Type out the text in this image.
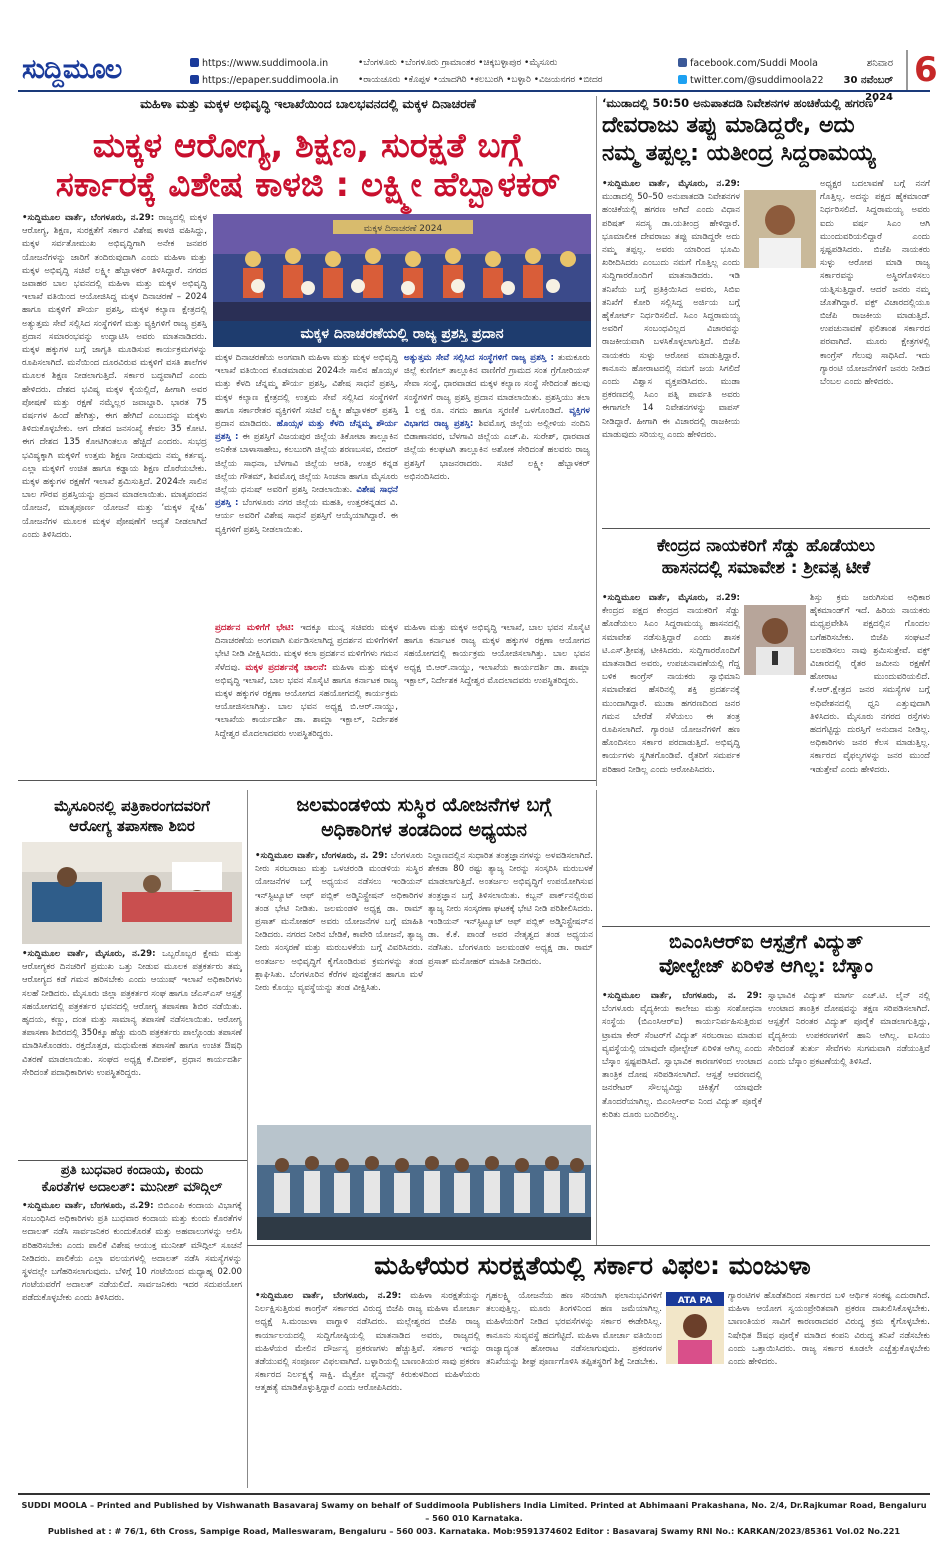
ಸುದ್ದಿಮೂಲ	https://www.suddimoola.in
https://epaper.suddimoola.in
•ಬೆಂಗಳೂರು •ಬೆಂಗಳೂರು ಗ್ರಾಮಾಂತರ •ಚಿಕ್ಕಬಳ್ಳಾಪುರ •ಮೈಸೂರು
•ರಾಯಚೂರು •ಕೊಪ್ಪಳ •ಯಾದಗಿರಿ •ಕಲಬುರಗಿ •ಬಳ್ಳಾರಿ •ವಿಜಯನಗರ •ಬೀದರ
facebook.com/Suddi Moola
twitter.com/@suddimoola22
ಶನಿವಾರ
30 ನವೆಂಬರ್ 2024
6
ಮಹಿಳಾ ಮತ್ತು ಮಕ್ಕಳ ಅಭಿವೃದ್ಧಿ ಇಲಾಖೆಯಿಂದ ಬಾಲಭವನದಲ್ಲಿ ಮಕ್ಕಳ ದಿನಾಚರಣೆ
ಮಕ್ಕಳ ಆರೋಗ್ಯ, ಶಿಕ್ಷಣ, ಸುರಕ್ಷತೆ ಬಗ್ಗೆ
ಸರ್ಕಾರಕ್ಕೆ ವಿಶೇಷ ಕಾಳಜಿ : ಲಕ್ಷ್ಮೀ ಹೆಬ್ಬಾಳಕರ್
•ಸುದ್ದಿಮೂಲ ವಾರ್ತೆ, ಬೆಂಗಳೂರು, ನ.29: ರಾಜ್ಯದಲ್ಲಿ ಮಕ್ಕಳ ಆರೋಗ್ಯ, ಶಿಕ್ಷಣ, ಸುರಕ್ಷತೆಗೆ ಸರ್ಕಾರ ವಿಶೇಷ ಕಾಳಜಿ ವಹಿಸಿದ್ದು, ಮಕ್ಕಳ ಸರ್ವತೋಮುಖ ಅಭಿವೃದ್ಧಿಗಾಗಿ ಅನೇಕ ಜನಪರ ಯೋಜನೆಗಳನ್ನು ಜಾರಿಗೆ ತಂದಿರುವುದಾಗಿ ಎಂದು ಮಹಿಳಾ ಮತ್ತು ಮಕ್ಕಳ ಅಭಿವೃದ್ಧಿ ಸಚಿವೆ ಲಕ್ಷ್ಮೀ ಹೆಬ್ಬಾಳಕರ್ ತಿಳಿಸಿದ್ದಾರೆ. ನಗರದ ಜವಾಹರ ಬಾಲ ಭವನದಲ್ಲಿ ಮಹಿಳಾ ಮತ್ತು ಮಕ್ಕಳ ಅಭಿವೃದ್ಧಿ ಇಲಾಖೆ ವತಿಯಿಂದ ಆಯೋಜಿಸಿದ್ದ ಮಕ್ಕಳ ದಿನಾಚರಣೆ – 2024 ಹಾಗೂ ಮಕ್ಕಳಿಗೆ ಶೌರ್ಯ ಪ್ರಶಸ್ತಿ, ಮಕ್ಕಳ ಕಲ್ಯಾಣ ಕ್ಷೇತ್ರದಲ್ಲಿ ಅತ್ಯುತ್ತಮ ಸೇವೆ ಸಲ್ಲಿಸಿದ ಸಂಸ್ಥೆಗಳಿಗೆ ಮತ್ತು ವ್ಯಕ್ತಿಗಳಿಗೆ ರಾಜ್ಯ ಪ್ರಶಸ್ತಿ ಪ್ರದಾನ ಸಮಾರಂಭವನ್ನು ಉದ್ಘಾಟಿಸಿ ಅವರು ಮಾತನಾಡಿದರು. ಮಕ್ಕಳ ಹಕ್ಕುಗಳ ಬಗ್ಗೆ ಜಾಗೃತಿ ಮೂಡಿಸುವ ಕಾರ್ಯಕ್ರಮಗಳನ್ನು ರೂಪಿಸಲಾಗಿದೆ. ಮನೆಯಿಂದ ದೂರವಿರುವ ಮಕ್ಕಳಿಗೆ ವಸತಿ ಶಾಲೆಗಳ ಮೂಲಕ ಶಿಕ್ಷಣ ನೀಡಲಾಗುತ್ತಿದೆ. ಸರ್ಕಾರ ಬದ್ಧವಾಗಿದೆ ಎಂದು ಹೇಳಿದರು. ದೇಶದ ಭವಿಷ್ಯ ಮಕ್ಕಳ ಕೈಯಲ್ಲಿದೆ, ಹೀಗಾಗಿ ಅವರ ಪೋಷಣೆ ಮತ್ತು ರಕ್ಷಣೆ ನಮ್ಮೆಲ್ಲರ ಜವಾಬ್ದಾರಿ. ಭಾರತ 75 ವರ್ಷಗಳ ಹಿಂದೆ ಹೇಗಿತ್ತು, ಈಗ ಹೇಗಿದೆ ಎಂಬುದನ್ನು ಮಕ್ಕಳು ತಿಳಿದುಕೊಳ್ಳಬೇಕು. ಆಗ ದೇಶದ ಜನಸಂಖ್ಯೆ ಕೇವಲ 35 ಕೋಟಿ. ಈಗ ದೇಶದ 135 ಕೋಟಿಗಿಂತಲೂ ಹೆಚ್ಚಿದೆ ಎಂದರು. ಸುಭದ್ರ ಭವಿಷ್ಯಕ್ಕಾಗಿ ಮಕ್ಕಳಿಗೆ ಉತ್ತಮ ಶಿಕ್ಷಣ ನೀಡುವುದು ನಮ್ಮ ಕರ್ತವ್ಯ. ಎಲ್ಲಾ ಮಕ್ಕಳಿಗೆ ಉಚಿತ ಹಾಗೂ ಕಡ್ಡಾಯ ಶಿಕ್ಷಣ ದೊರೆಯಬೇಕು. ಮಕ್ಕಳ ಹಕ್ಕುಗಳ ರಕ್ಷಣೆಗೆ ಇಲಾಖೆ ಶ್ರಮಿಸುತ್ತಿದೆ. 2024ನೇ ಸಾಲಿನ ಬಾಲ ಗೌರವ ಪ್ರಶಸ್ತಿಯನ್ನು ಪ್ರದಾನ ಮಾಡಲಾಯಿತು. ಮಾತೃವಂದನ ಯೋಜನೆ, ಮಾತೃಪೂರ್ಣ ಯೋಜನೆ ಮತ್ತು ‘ಮಕ್ಕಳ ಸ್ನೇಹಿ’ ಯೋಜನೆಗಳ ಮೂಲಕ ಮಕ್ಕಳ ಪೋಷಣೆಗೆ ಆದ್ಯತೆ ನೀಡಲಾಗಿದೆ ಎಂದು ತಿಳಿಸಿದರು.
ಮಕ್ಕಳ ದಿನಾಚರಣೆ 2024
ಮಕ್ಕಳ ದಿನಾಚರಣೆಯಲ್ಲಿ ರಾಜ್ಯ ಪ್ರಶಸ್ತಿ ಪ್ರದಾನ
ಮಕ್ಕಳ ದಿನಾಚರಣೆಯ ಅಂಗವಾಗಿ ಮಹಿಳಾ ಮತ್ತು ಮಕ್ಕಳ ಅಭಿವೃದ್ಧಿ ಇಲಾಖೆ ವತಿಯಿಂದ ಕೊಡಮಾಡುವ 2024ನೇ ಸಾಲಿನ ಹೊಯ್ಸಳ ಮತ್ತು ಕೆಳದಿ ಚೆನ್ನಮ್ಮ ಶೌರ್ಯ ಪ್ರಶಸ್ತಿ, ವಿಶೇಷ ಸಾಧನೆ ಪ್ರಶಸ್ತಿ, ಮಕ್ಕಳ ಕಲ್ಯಾಣ ಕ್ಷೇತ್ರದಲ್ಲಿ ಉತ್ತಮ ಸೇವೆ ಸಲ್ಲಿಸಿದ ಸಂಸ್ಥೆಗಳಿಗೆ ಹಾಗೂ ಸರ್ಕಾರೇತರ ವ್ಯಕ್ತಿಗಳಿಗೆ ಸಚಿವೆ ಲಕ್ಷ್ಮೀ ಹೆಬ್ಬಾಳಕರ್ ಪ್ರಶಸ್ತಿ ಪ್ರದಾನ ಮಾಡಿದರು. ಹೊಯ್ಸಳ ಮತ್ತು ಕೆಳದಿ ಚೆನ್ನಮ್ಮ ಶೌರ್ಯ ಪ್ರಶಸ್ತಿ : ಈ ಪ್ರಶಸ್ತಿಗೆ ವಿಜಯಪುರ ಜಿಲ್ಲೆಯ ತಿಕೋಟಾ ತಾಲ್ಲೂಕಿನ ಅನಿಕೇತ ಬಾಳಾಸಾಹೇಬ, ಕಲಬುರಗಿ ಜಿಲ್ಲೆಯ ಶರಣಬಸವ, ಬೀದರ್ ಜಿಲ್ಲೆಯ ಸಾಧನಾ, ಬೆಳಗಾವಿ ಜಿಲ್ಲೆಯ ಆರತಿ, ಉತ್ತರ ಕನ್ನಡ ಜಿಲ್ಲೆಯ ಗೌತಮ್, ಶಿವಮೊಗ್ಗ ಜಿಲ್ಲೆಯ ಸಿಂಚನಾ ಹಾಗೂ ಮೈಸೂರು ಜಿಲ್ಲೆಯ ಧನುಷ್ ಅವರಿಗೆ ಪ್ರಶಸ್ತಿ ನೀಡಲಾಯಿತು. ವಿಶೇಷ ಸಾಧನೆ ಪ್ರಶಸ್ತಿ : ಬೆಂಗಳೂರು ನಗರ ಜಿಲ್ಲೆಯ ಮಹತಿ, ಉತ್ತರಕನ್ನಡದ ವಿ. ಆರ್ಯ ಅವರಿಗೆ ವಿಶೇಷ ಸಾಧನೆ ಪ್ರಶಸ್ತಿಗೆ ಆಯ್ಕೆಯಾಗಿದ್ದಾರೆ. ಈ ವ್ಯಕ್ತಿಗಳಿಗೆ ಪ್ರಶಸ್ತಿ ನೀಡಲಾಯಿತು.
ಅತ್ಯುತ್ತಮ ಸೇವೆ ಸಲ್ಲಿಸಿದ ಸಂಸ್ಥೆಗಳಿಗೆ ರಾಜ್ಯ ಪ್ರಶಸ್ತಿ : ತುಮಕೂರು ಜಿಲ್ಲೆ ಕುಣಿಗಲ್ ತಾಲ್ಲೂಕಿನ ವಾಣಿಗೆರೆ ಗ್ರಾಮದ ಸಂತ ಗ್ರೆಗೋರಿಯಸ್ ಸೇವಾ ಸಂಸ್ಥೆ, ಧಾರವಾಡದ ಮಕ್ಕಳ ಕಲ್ಯಾಣ ಸಂಸ್ಥೆ ಸೇರಿದಂತೆ ಹಲವು ಸಂಸ್ಥೆಗಳಿಗೆ ರಾಜ್ಯ ಪ್ರಶಸ್ತಿ ಪ್ರದಾನ ಮಾಡಲಾಯಿತು. ಪ್ರಶಸ್ತಿಯು ತಲಾ 1 ಲಕ್ಷ ರೂ. ನಗದು ಹಾಗೂ ಸ್ಮರಣಿಕೆ ಒಳಗೊಂಡಿದೆ. ವ್ಯಕ್ತಿಗಳ ವಿಭಾಗದ ರಾಜ್ಯ ಪ್ರಶಸ್ತಿ: ಶಿವಮೊಗ್ಗ ಜಿಲ್ಲೆಯ ಅಲ್ಲೀಳಿಯ ನಂದಿನಿ ಬಿಡಾಣಾನವರ, ಬೆಳಗಾವಿ ಜಿಲ್ಲೆಯ ಎಚ್.ಪಿ. ಸುರೇಶ್, ಧಾರವಾಡ ಜಿಲ್ಲೆಯ ಕಲಘಟಗಿ ತಾಲ್ಲೂಕಿನ ಅಶೋಕ ಸೇರಿದಂತೆ ಹಲವರು ರಾಜ್ಯ ಪ್ರಶಸ್ತಿಗೆ ಭಾಜನರಾದರು. ಸಚಿವೆ ಲಕ್ಷ್ಮೀ ಹೆಬ್ಬಾಳಕರ್ ಅಭಿನಂದಿಸಿದರು.
ಪ್ರದರ್ಶನ ಮಳಿಗೆಗೆ ಭೇಟಿ: ಇದಕ್ಕೂ ಮುನ್ನ ಸಚಿವರು ಮಕ್ಕಳ ದಿನಾಚರಣೆಯ ಅಂಗವಾಗಿ ಏರ್ಪಡಿಸಲಾಗಿದ್ದ ಪ್ರದರ್ಶನ ಮಳಿಗೆಗಳಿಗೆ ಭೇಟಿ ನೀಡಿ ವೀಕ್ಷಿಸಿದರು. ಮಕ್ಕಳ ಕಲಾ ಪ್ರದರ್ಶನ ಮಳಿಗೆಗಳು ಗಮನ ಸೆಳೆದವು. ಮಕ್ಕಳ ಪ್ರದರ್ಶನಕ್ಕೆ ಚಾಲನೆ: ಮಹಿಳಾ ಮತ್ತು ಮಕ್ಕಳ ಅಭಿವೃದ್ಧಿ ಇಲಾಖೆ, ಬಾಲ ಭವನ ಸೊಸೈಟಿ ಹಾಗೂ ಕರ್ನಾಟಕ ರಾಜ್ಯ ಮಕ್ಕಳ ಹಕ್ಕುಗಳ ರಕ್ಷಣಾ ಆಯೋಗದ ಸಹಯೋಗದಲ್ಲಿ ಕಾರ್ಯಕ್ರಮ ಆಯೋಜಿಸಲಾಗಿತ್ತು. ಬಾಲ ಭವನ ಅಧ್ಯಕ್ಷ ಬಿ.ಆರ್.ನಾಯ್ಡು, ಇಲಾಖೆಯ ಕಾರ್ಯದರ್ಶಿ ಡಾ. ಶಾಮ್ಲಾ ಇಕ್ಬಾಲ್, ನಿರ್ದೇಶಕ ಸಿದ್ದೇಶ್ವರ ಮೊದಲಾದವರು ಉಪಸ್ಥಿತರಿದ್ದರು.
ಮಹಿಳಾ ಮತ್ತು ಮಕ್ಕಳ ಅಭಿವೃದ್ಧಿ ಇಲಾಖೆ, ಬಾಲ ಭವನ ಸೊಸೈಟಿ ಹಾಗೂ ಕರ್ನಾಟಕ ರಾಜ್ಯ ಮಕ್ಕಳ ಹಕ್ಕುಗಳ ರಕ್ಷಣಾ ಆಯೋಗದ ಸಹಯೋಗದಲ್ಲಿ ಕಾರ್ಯಕ್ರಮ ಆಯೋಜಿಸಲಾಗಿತ್ತು. ಬಾಲ ಭವನ ಅಧ್ಯಕ್ಷ ಬಿ.ಆರ್.ನಾಯ್ಡು, ಇಲಾಖೆಯ ಕಾರ್ಯದರ್ಶಿ ಡಾ. ಶಾಮ್ಲಾ ಇಕ್ಬಾಲ್, ನಿರ್ದೇಶಕ ಸಿದ್ದೇಶ್ವರ ಮೊದಲಾದವರು ಉಪಸ್ಥಿತರಿದ್ದರು.
‘ಮುಡಾದಲ್ಲಿ 50:50 ಅನುಪಾತದಡಿ ನಿವೇಶನಗಳ ಹಂಚಿಕೆಯಲ್ಲಿ ಹಗರಣ’
ದೇವರಾಜು ತಪ್ಪು ಮಾಡಿದ್ದರೇ, ಅದು
ನಮ್ಮ ತಪ್ಪಲ್ಲ: ಯತೀಂದ್ರ ಸಿದ್ದರಾಮಯ್ಯ
•ಸುದ್ದಿಮೂಲ ವಾರ್ತೆ, ಮೈಸೂರು, ನ.29: ಮುಡಾದಲ್ಲಿ 50–50 ಅನುಪಾತದಡಿ ನಿವೇಶನಗಳ ಹಂಚಿಕೆಯಲ್ಲಿ ಹಗರಣ ಆಗಿದೆ ಎಂದು ವಿಧಾನ ಪರಿಷತ್ ಸದಸ್ಯ ಡಾ.ಯತೀಂದ್ರ ಹೇಳಿದ್ದಾರೆ. ಭೂಮಾಲೀಕ ದೇವರಾಜು ತಪ್ಪು ಮಾಡಿದ್ದರೇ ಅದು ನಮ್ಮ ತಪ್ಪಲ್ಲ. ಅವರು ಯಾರಿಂದ ಭೂಮಿ ಖರೀದಿಸಿದರು ಎಂಬುದು ನಮಗೆ ಗೊತ್ತಿಲ್ಲ ಎಂದು ಸುದ್ದಿಗಾರರೊಂದಿಗೆ ಮಾತನಾಡಿದರು. ಇಡಿ ತನಿಖೆಯ ಬಗ್ಗೆ ಪ್ರತಿಕ್ರಿಯಿಸಿದ ಅವರು, ಸಿಬಿಐ ತನಿಖೆಗೆ ಕೋರಿ ಸಲ್ಲಿಸಿದ್ದ ಅರ್ಜಿಯ ಬಗ್ಗೆ ಹೈಕೋರ್ಟ್ ನಿರ್ಧರಿಸಲಿದೆ. ಸಿಎಂ ಸಿದ್ದರಾಮಯ್ಯ ಅವರಿಗೆ ಸಂಬಂಧವಿಲ್ಲದ ವಿಚಾರವನ್ನು ರಾಜಕೀಯವಾಗಿ ಬಳಸಿಕೊಳ್ಳಲಾಗುತ್ತಿದೆ. ಬಿಜೆಪಿ ನಾಯಕರು ಸುಳ್ಳು ಆರೋಪ ಮಾಡುತ್ತಿದ್ದಾರೆ. ಕಾನೂನು ಹೋರಾಟದಲ್ಲಿ ನಮಗೆ ಜಯ ಸಿಗಲಿದೆ ಎಂದು ವಿಶ್ವಾಸ ವ್ಯಕ್ತಪಡಿಸಿದರು. ಮುಡಾ ಪ್ರಕರಣದಲ್ಲಿ ಸಿಎಂ ಪತ್ನಿ ಪಾರ್ವತಿ ಅವರು ಈಗಾಗಲೇ 14 ನಿವೇಶನಗಳನ್ನು ವಾಪಸ್ ನೀಡಿದ್ದಾರೆ. ಹೀಗಾಗಿ ಈ ವಿಚಾರದಲ್ಲಿ ರಾಜಕೀಯ ಮಾಡುವುದು ಸರಿಯಲ್ಲ ಎಂದು ಹೇಳಿದರು.
ಅಧ್ಯಕ್ಷರ ಬದಲಾವಣೆ ಬಗ್ಗೆ ನನಗೆ ಗೊತ್ತಿಲ್ಲ. ಅದನ್ನು ಪಕ್ಷದ ಹೈಕಮಾಂಡ್ ನಿರ್ಧರಿಸಲಿದೆ. ಸಿದ್ದರಾಮಯ್ಯ ಅವರು ಐದು ವರ್ಷ ಸಿಎಂ ಆಗಿ ಮುಂದುವರಿಯಲಿದ್ದಾರೆ ಎಂದು ಸ್ಪಷ್ಟಪಡಿಸಿದರು. ಬಿಜೆಪಿ ನಾಯಕರು ಸುಳ್ಳು ಆರೋಪ ಮಾಡಿ ರಾಜ್ಯ ಸರ್ಕಾರವನ್ನು ಅಸ್ಥಿರಗೊಳಿಸಲು ಯತ್ನಿಸುತ್ತಿದ್ದಾರೆ. ಆದರೆ ಜನರು ನಮ್ಮ ಜೊತೆಗಿದ್ದಾರೆ. ವಕ್ಫ್ ವಿಚಾರದಲ್ಲಿಯೂ ಬಿಜೆಪಿ ರಾಜಕೀಯ ಮಾಡುತ್ತಿದೆ. ಉಪಚುನಾವಣೆ ಫಲಿತಾಂಶ ಸರ್ಕಾರದ ಪರವಾಗಿದೆ. ಮೂರು ಕ್ಷೇತ್ರಗಳಲ್ಲಿ ಕಾಂಗ್ರೆಸ್ ಗೆಲುವು ಸಾಧಿಸಿದೆ. ಇದು ಗ್ಯಾರಂಟಿ ಯೋಜನೆಗಳಿಗೆ ಜನರು ನೀಡಿದ ಬೆಂಬಲ ಎಂದು ಹೇಳಿದರು.
ಕೇಂದ್ರದ ನಾಯಕರಿಗೆ ಸೆಡ್ಡು ಹೊಡೆಯಲು
ಹಾಸನದಲ್ಲಿ ಸಮಾವೇಶ : ಶ್ರೀವತ್ಸ ಟೀಕೆ
•ಸುದ್ದಿಮೂಲ ವಾರ್ತೆ, ಮೈಸೂರು, ನ.29: ಕೇಂದ್ರದ ಪಕ್ಷದ ಕೇಂದ್ರದ ನಾಯಕರಿಗೆ ಸೆಡ್ಡು ಹೊಡೆಯಲು ಸಿಎಂ ಸಿದ್ದರಾಮಯ್ಯ ಹಾಸನದಲ್ಲಿ ಸಮಾವೇಶ ನಡೆಸುತ್ತಿದ್ದಾರೆ ಎಂದು ಶಾಸಕ ಟಿ.ಎಸ್.ಶ್ರೀವತ್ಸ ಟೀಕಿಸಿದರು. ಸುದ್ದಿಗಾರರೊಂದಿಗೆ ಮಾತನಾಡಿದ ಅವರು, ಉಪಚುನಾವಣೆಯಲ್ಲಿ ಗೆದ್ದ ಬಳಿಕ ಕಾಂಗ್ರೆಸ್ ನಾಯಕರು ಸ್ವಾಭಿಮಾನಿ ಸಮಾವೇಶದ ಹೆಸರಿನಲ್ಲಿ ಶಕ್ತಿ ಪ್ರದರ್ಶನಕ್ಕೆ ಮುಂದಾಗಿದ್ದಾರೆ. ಮುಡಾ ಹಗರಣದಿಂದ ಜನರ ಗಮನ ಬೇರೆಡೆ ಸೆಳೆಯಲು ಈ ತಂತ್ರ ರೂಪಿಸಲಾಗಿದೆ. ಗ್ಯಾರಂಟಿ ಯೋಜನೆಗಳಿಗೆ ಹಣ ಹೊಂದಿಸಲು ಸರ್ಕಾರ ಪರದಾಡುತ್ತಿದೆ. ಅಭಿವೃದ್ಧಿ ಕಾರ್ಯಗಳು ಸ್ಥಗಿತಗೊಂಡಿವೆ. ರೈತರಿಗೆ ಸಮರ್ಪಕ ಪರಿಹಾರ ನೀಡಿಲ್ಲ ಎಂದು ಆರೋಪಿಸಿದರು.
ಶಿಸ್ತು ಕ್ರಮ ಜರುಗಿಸುವ ಅಧಿಕಾರ ಹೈಕಮಾಂಡ್‌ಗೆ ಇದೆ. ಹಿರಿಯ ನಾಯಕರು ಮಧ್ಯಪ್ರವೇಶಿಸಿ ಪಕ್ಷದಲ್ಲಿನ ಗೊಂದಲ ಬಗೆಹರಿಸಬೇಕು. ಬಿಜೆಪಿ ಸಂಘಟನೆ ಬಲಪಡಿಸಲು ನಾವು ಶ್ರಮಿಸುತ್ತೇವೆ. ವಕ್ಫ್ ವಿಚಾರದಲ್ಲಿ ರೈತರ ಜಮೀನು ರಕ್ಷಣೆಗೆ ಹೋರಾಟ ಮುಂದುವರಿಯಲಿದೆ. ಕೆ.ಆರ್.ಕ್ಷೇತ್ರದ ಜನರ ಸಮಸ್ಯೆಗಳ ಬಗ್ಗೆ ಅಧಿವೇಶನದಲ್ಲಿ ಧ್ವನಿ ಎತ್ತುವುದಾಗಿ ತಿಳಿಸಿದರು. ಮೈಸೂರು ನಗರದ ರಸ್ತೆಗಳು ಹದಗೆಟ್ಟಿದ್ದು ದುರಸ್ತಿಗೆ ಅನುದಾನ ನೀಡಿಲ್ಲ. ಅಧಿಕಾರಿಗಳು ಜನರ ಕೆಲಸ ಮಾಡುತ್ತಿಲ್ಲ. ಸರ್ಕಾರದ ವೈಫಲ್ಯಗಳನ್ನು ಜನರ ಮುಂದೆ ಇಡುತ್ತೇವೆ ಎಂದು ಹೇಳಿದರು.
ಬಿಎಂಸಿಆರ್‌ಐ ಆಸ್ಪತ್ರೆಗೆ ವಿದ್ಯುತ್
ವೋಲ್ಟೇಜ್ ಏರಿಳಿತ ಆಗಿಲ್ಲ: ಬೆಸ್ಕಾಂ
•ಸುದ್ದಿಮೂಲ ವಾರ್ತೆ, ಬೆಂಗಳೂರು, ನ. 29: ಬೆಂಗಳೂರು ವೈದ್ಯಕೀಯ ಕಾಲೇಜು ಮತ್ತು ಸಂಶೋಧನಾ ಸಂಸ್ಥೆಯ (ಬಿಎಂಸಿಆರ್‌ಐ) ಕಾರ್ಯನಿರ್ವಹಿಸುತ್ತಿರುವ ಟ್ರಾಮಾ ಕೇರ್ ಸೆಂಟರ್‌ಗೆ ವಿದ್ಯುತ್ ಸರಬರಾಜು ಮಾಡುವ ವ್ಯವಸ್ಥೆಯಲ್ಲಿ ಯಾವುದೇ ವೋಲ್ಟೇಜ್ ಏರಿಳಿತ ಆಗಿಲ್ಲ ಎಂದು ಬೆಸ್ಕಾಂ ಸ್ಪಷ್ಟಪಡಿಸಿದೆ. ಸ್ವಾಭಾವಿಕ ಕಾರಣಗಳಿಂದ ಉಂಟಾದ ತಾಂತ್ರಿಕ ದೋಷ ಸರಿಪಡಿಸಲಾಗಿದೆ. ಆಸ್ಪತ್ರೆ ಆವರಣದಲ್ಲಿ ಜನರೇಟರ್ ಸೌಲಭ್ಯವಿದ್ದು ಚಿಕಿತ್ಸೆಗೆ ಯಾವುದೇ ತೊಂದರೆಯಾಗಿಲ್ಲ. ಬಿಎಂಸಿಆರ್‌ಐ ನಿಂದ ವಿದ್ಯುತ್ ಪೂರೈಕೆ ಕುರಿತು ದೂರು ಬಂದಿರಲಿಲ್ಲ.
ಸ್ವಾಭಾವಿಕ ವಿದ್ಯುತ್ ಮಾರ್ಗ ಎಚ್.ಟಿ. ಲೈನ್ ನಲ್ಲಿ ಉಂಟಾದ ತಾಂತ್ರಿಕ ದೋಷವನ್ನು ತಕ್ಷಣ ಸರಿಪಡಿಸಲಾಗಿದೆ. ಆಸ್ಪತ್ರೆಗೆ ನಿರಂತರ ವಿದ್ಯುತ್ ಪೂರೈಕೆ ಮಾಡಲಾಗುತ್ತಿದ್ದು, ವೈದ್ಯಕೀಯ ಉಪಕರಣಗಳಿಗೆ ಹಾನಿ ಆಗಿಲ್ಲ. ಐಸಿಯು ಸೇರಿದಂತೆ ತುರ್ತು ಸೇವೆಗಳು ಸುಗಮವಾಗಿ ನಡೆಯುತ್ತಿವೆ ಎಂದು ಬೆಸ್ಕಾಂ ಪ್ರಕಟಣೆಯಲ್ಲಿ ತಿಳಿಸಿದೆ.
ಮೈಸೂರಿನಲ್ಲಿ ಪತ್ರಿಕಾರಂಗದವರಿಗೆ
ಆರೋಗ್ಯ ತಪಾಸಣಾ ಶಿಬಿರ
•ಸುದ್ದಿಮೂಲ ವಾರ್ತೆ, ಮೈಸೂರು, ನ.29: ಒಬ್ಬರೊಬ್ಬರ ಕ್ಷೇಮ ಮತ್ತು ಆರೋಗ್ಯಕರ ದಿನಚರಿಗೆ ಪ್ರಮುಖ ಒತ್ತು ನೀಡುವ ಮೂಲಕ ಪತ್ರಕರ್ತರು ತಮ್ಮ ಆರೋಗ್ಯದ ಕಡೆ ಗಮನ ಹರಿಸಬೇಕು ಎಂದು ಆಯುಷ್ ಇಲಾಖೆ ಅಧಿಕಾರಿಗಳು ಸಲಹೆ ನೀಡಿದರು. ಮೈಸೂರು ಜಿಲ್ಲಾ ಪತ್ರಕರ್ತರ ಸಂಘ ಹಾಗೂ ಜೆಎಸ್‌ಎಸ್ ಆಸ್ಪತ್ರೆ ಸಹಯೋಗದಲ್ಲಿ ಪತ್ರಕರ್ತರ ಭವನದಲ್ಲಿ ಆರೋಗ್ಯ ತಪಾಸಣಾ ಶಿಬಿರ ನಡೆಯಿತು. ಹೃದಯ, ಕಣ್ಣು, ದಂತ ಮತ್ತು ಸಾಮಾನ್ಯ ತಪಾಸಣೆ ನಡೆಸಲಾಯಿತು. ಆರೋಗ್ಯ ತಪಾಸಣಾ ಶಿಬಿರದಲ್ಲಿ 350ಕ್ಕೂ ಹೆಚ್ಚು ಮಂದಿ ಪತ್ರಕರ್ತರು ಪಾಲ್ಗೊಂಡು ತಪಾಸಣೆ ಮಾಡಿಸಿಕೊಂಡರು. ರಕ್ತದೊತ್ತಡ, ಮಧುಮೇಹ ತಪಾಸಣೆ ಹಾಗೂ ಉಚಿತ ಔಷಧಿ ವಿತರಣೆ ಮಾಡಲಾಯಿತು. ಸಂಘದ ಅಧ್ಯಕ್ಷ ಕೆ.ದೀಪಕ್, ಪ್ರಧಾನ ಕಾರ್ಯದರ್ಶಿ ಸೇರಿದಂತೆ ಪದಾಧಿಕಾರಿಗಳು ಉಪಸ್ಥಿತರಿದ್ದರು.
ಜಲಮಂಡಳಿಯ ಸುಸ್ಥಿರ ಯೋಜನೆಗಳ ಬಗ್ಗೆ
ಅಧಿಕಾರಿಗಳ ತಂಡದಿಂದ ಅಧ್ಯಯನ
•ಸುದ್ದಿಮೂಲ ವಾರ್ತೆ, ಬೆಂಗಳೂರು, ನ. 29: ಬೆಂಗಳೂರು ನೀರು ಸರಬರಾಜು ಮತ್ತು ಒಳಚರಂಡಿ ಮಂಡಳಿಯ ಸುಸ್ಥಿರ ಯೋಜನೆಗಳ ಬಗ್ಗೆ ಅಧ್ಯಯನ ನಡೆಸಲು ಇಂಡಿಯನ್ ಇನ್‌ಸ್ಟಿಟ್ಯೂಟ್ ಆಫ್ ಪಬ್ಲಿಕ್ ಅಡ್ಮಿನಿಸ್ಟ್ರೇಷನ್ ಅಧಿಕಾರಿಗಳ ತಂಡ ಭೇಟಿ ನೀಡಿತು. ಜಲಮಂಡಳಿ ಅಧ್ಯಕ್ಷ ಡಾ. ರಾಮ್ ಪ್ರಸಾತ್ ಮನೋಹರ್ ಅವರು ಯೋಜನೆಗಳ ಬಗ್ಗೆ ಮಾಹಿತಿ ನೀಡಿದರು. ನಗರದ ನೀರಿನ ಬೇಡಿಕೆ, ಕಾವೇರಿ ಯೋಜನೆ, ತ್ಯಾಜ್ಯ ನೀರು ಸಂಸ್ಕರಣೆ ಮತ್ತು ಮರುಬಳಕೆಯ ಬಗ್ಗೆ ವಿವರಿಸಿದರು. ಅಂತರ್ಜಲ ಅಭಿವೃದ್ಧಿಗೆ ಕೈಗೊಂಡಿರುವ ಕ್ರಮಗಳನ್ನು ತಂಡ ಶ್ಲಾಘಿಸಿತು. ಬೆಂಗಳೂರಿನ ಕೆರೆಗಳ ಪುನಶ್ಚೇತನ ಹಾಗೂ ಮಳೆ ನೀರು ಕೊಯ್ಲು ವ್ಯವಸ್ಥೆಯನ್ನು ತಂಡ ವೀಕ್ಷಿಸಿತು.
ನಿಲ್ದಾಣದಲ್ಲಿನ ಸುಧಾರಿತ ತಂತ್ರಜ್ಞಾನಗಳನ್ನು ಅಳವಡಿಸಲಾಗಿದೆ. ಶೇಕಡಾ 80 ರಷ್ಟು ತ್ಯಾಜ್ಯ ನೀರನ್ನು ಸಂಸ್ಕರಿಸಿ ಮರುಬಳಕೆ ಮಾಡಲಾಗುತ್ತಿದೆ. ಅಂತರ್ಜಲ ಅಭಿವೃದ್ಧಿಗೆ ಉಪಯೋಗಿಸುವ ತಂತ್ರಜ್ಞಾನ ಬಗ್ಗೆ ತಿಳಿಸಲಾಯಿತು. ಕಬ್ಬನ್ ಪಾರ್ಕ್‌ನಲ್ಲಿರುವ ತ್ಯಾಜ್ಯ ನೀರು ಸಂಸ್ಕರಣಾ ಘಟಕಕ್ಕೆ ಭೇಟಿ ನೀಡಿ ಪರಿಶೀಲಿಸಿದರು. ಇಂಡಿಯನ್ ಇನ್‌ಸ್ಟಿಟ್ಯೂಟ್ ಆಫ್ ಪಬ್ಲಿಕ್ ಅಡ್ಮಿನಿಸ್ಟ್ರೇಷನ್‌ನ ಡಾ. ಕೆ.ಕೆ. ಪಾಂಡೆ ಅವರ ನೇತೃತ್ವದ ತಂಡ ಅಧ್ಯಯನ ನಡೆಸಿತು. ಬೆಂಗಳೂರು ಜಲಮಂಡಳಿ ಅಧ್ಯಕ್ಷ ಡಾ. ರಾಮ್ ಪ್ರಸಾತ್ ಮನೋಹರ್ ಮಾಹಿತಿ ನೀಡಿದರು.
ಪ್ರತಿ ಬುಧವಾರ ಕಂದಾಯ, ಕುಂದು
ಕೊರತೆಗಳ ಅದಾಲತ್: ಮುನೀಶ್ ಮೌದ್ಗಿಲ್
•ಸುದ್ದಿಮೂಲ ವಾರ್ತೆ, ಬೆಂಗಳೂರು, ನ.29: ಬಿಬಿಎಂಪಿ ಕಂದಾಯ ವಿಭಾಗಕ್ಕೆ ಸಂಬಂಧಿಸಿದ ಅಧಿಕಾರಿಗಳು ಪ್ರತಿ ಬುಧವಾರ ಕಂದಾಯ ಮತ್ತು ಕುಂದು ಕೊರತೆಗಳ ಅದಾಲತ್ ನಡೆಸಿ ಸಾರ್ವಜನಿಕರ ಕುಂದುಕೊರತೆ ಮತ್ತು ಅಹವಾಲುಗಳನ್ನು ಆಲಿಸಿ ಪರಿಹರಿಸಬೇಕು ಎಂದು ಪಾಲಿಕೆ ವಿಶೇಷ ಆಯುಕ್ತ ಮುನೀಶ್ ಮೌದ್ಗಿಲ್ ಸೂಚನೆ ನೀಡಿದರು. ಪಾಲಿಕೆಯ ಎಲ್ಲಾ ವಲಯಗಳಲ್ಲಿ ಅದಾಲತ್ ನಡೆಸಿ ಸಮಸ್ಯೆಗಳನ್ನು ಸ್ಥಳದಲ್ಲೇ ಬಗೆಹರಿಸಲಾಗುವುದು. ಬೆಳಿಗ್ಗೆ 10 ಗಂಟೆಯಿಂದ ಮಧ್ಯಾಹ್ನ 02.00 ಗಂಟೆಯವರೆಗೆ ಅದಾಲತ್ ನಡೆಯಲಿದೆ. ಸಾರ್ವಜನಿಕರು ಇದರ ಸದುಪಯೋಗ ಪಡೆದುಕೊಳ್ಳಬೇಕು ಎಂದು ತಿಳಿಸಿದರು.
ಮಹಿಳೆಯರ ಸುರಕ್ಷತೆಯಲ್ಲಿ ಸರ್ಕಾರ ವಿಫಲ: ಮಂಜುಳಾ
•ಸುದ್ದಿಮೂಲ ವಾರ್ತೆ, ಬೆಂಗಳೂರು, ನ.29: ಮಹಿಳಾ ಸುರಕ್ಷತೆಯನ್ನು ನಿರ್ಲಕ್ಷಿಸುತ್ತಿರುವ ಕಾಂಗ್ರೆಸ್ ಸರ್ಕಾರದ ವಿರುದ್ಧ ಬಿಜೆಪಿ ರಾಜ್ಯ ಮಹಿಳಾ ಮೋರ್ಚಾ ಅಧ್ಯಕ್ಷೆ ಸಿ.ಮಂಜುಳಾ ವಾಗ್ದಾಳಿ ನಡೆಸಿದರು. ಮಲ್ಲೇಶ್ವರದ ಬಿಜೆಪಿ ರಾಜ್ಯ ಕಾರ್ಯಾಲಯದಲ್ಲಿ ಸುದ್ದಿಗೋಷ್ಠಿಯಲ್ಲಿ ಮಾತನಾಡಿದ ಅವರು, ರಾಜ್ಯದಲ್ಲಿ ಮಹಿಳೆಯರ ಮೇಲಿನ ದೌರ್ಜನ್ಯ ಪ್ರಕರಣಗಳು ಹೆಚ್ಚುತ್ತಿವೆ. ಸರ್ಕಾರ ಇದನ್ನು ತಡೆಯುವಲ್ಲಿ ಸಂಪೂರ್ಣ ವಿಫಲವಾಗಿದೆ. ಬಳ್ಳಾರಿಯಲ್ಲಿ ಬಾಣಂತಿಯರ ಸಾವು ಪ್ರಕರಣ ಸರ್ಕಾರದ ನಿರ್ಲಕ್ಷ್ಯಕ್ಕೆ ಸಾಕ್ಷಿ. ಮೈಕ್ರೋ ಫೈನಾನ್ಸ್ ಕಿರುಕುಳದಿಂದ ಮಹಿಳೆಯರು ಆತ್ಮಹತ್ಯೆ ಮಾಡಿಕೊಳ್ಳುತ್ತಿದ್ದಾರೆ ಎಂದು ಆರೋಪಿಸಿದರು.
ಗೃಹಲಕ್ಷ್ಮಿ ಯೋಜನೆಯ ಹಣ ಸರಿಯಾಗಿ ಫಲಾನುಭವಿಗಳಿಗೆ ತಲುಪುತ್ತಿಲ್ಲ. ಮೂರು ತಿಂಗಳಿನಿಂದ ಹಣ ಜಮೆಯಾಗಿಲ್ಲ. ಮಹಿಳೆಯರಿಗೆ ನೀಡಿದ ಭರವಸೆಗಳನ್ನು ಸರ್ಕಾರ ಈಡೇರಿಸಿಲ್ಲ. ಕಾನೂನು ಸುವ್ಯವಸ್ಥೆ ಹದಗೆಟ್ಟಿದೆ. ಮಹಿಳಾ ಮೋರ್ಚಾ ವತಿಯಿಂದ ರಾಜ್ಯಾದ್ಯಂತ ಹೋರಾಟ ನಡೆಸಲಾಗುವುದು. ಪ್ರಕರಣಗಳ ತನಿಖೆಯನ್ನು ಶೀಘ್ರ ಪೂರ್ಣಗೊಳಿಸಿ ತಪ್ಪಿತಸ್ಥರಿಗೆ ಶಿಕ್ಷೆ ನೀಡಬೇಕು.
ATA PA ಗ್ಯಾರಂಟಿಗಳ ಹೊಡೆತದಿಂದ ಸರ್ಕಾರದ ಬಳಿ ಆರ್ಥಿಕ ಸಂಕಷ್ಟ ಎದುರಾಗಿದೆ. ಮಹಿಳಾ ಆಯೋಗ ಸ್ವಯಂಪ್ರೇರಿತವಾಗಿ ಪ್ರಕರಣ ದಾಖಲಿಸಿಕೊಳ್ಳಬೇಕು. ಬಾಣಂತಿಯರ ಸಾವಿಗೆ ಕಾರಣರಾದವರ ವಿರುದ್ಧ ಕ್ರಮ ಕೈಗೊಳ್ಳಬೇಕು. ನಿಷೇಧಿತ ಔಷಧ ಪೂರೈಕೆ ಮಾಡಿದ ಕಂಪನಿ ವಿರುದ್ಧ ತನಿಖೆ ನಡೆಸಬೇಕು ಎಂದು ಒತ್ತಾಯಿಸಿದರು. ರಾಜ್ಯ ಸರ್ಕಾರ ಕೂಡಲೇ ಎಚ್ಚೆತ್ತುಕೊಳ್ಳಬೇಕು ಎಂದು ಹೇಳಿದರು.
SUDDI MOOLA – Printed and Published by Vishwanath Basavaraj Swamy on behalf of Suddimoola Publishers India Limited. Printed at Abhimaani Prakashana, No. 2/4, Dr.Rajkumar Road, Bengaluru – 560 010 Karnataka.
Published at : # 76/1, 6th Cross, Sampige Road, Malleswaram, Bengaluru – 560 003. Karnataka. Mob:9591374602 Editor : Basavaraj Swamy RNI No.: KARKAN/2023/85361 Vol.02 No.221
